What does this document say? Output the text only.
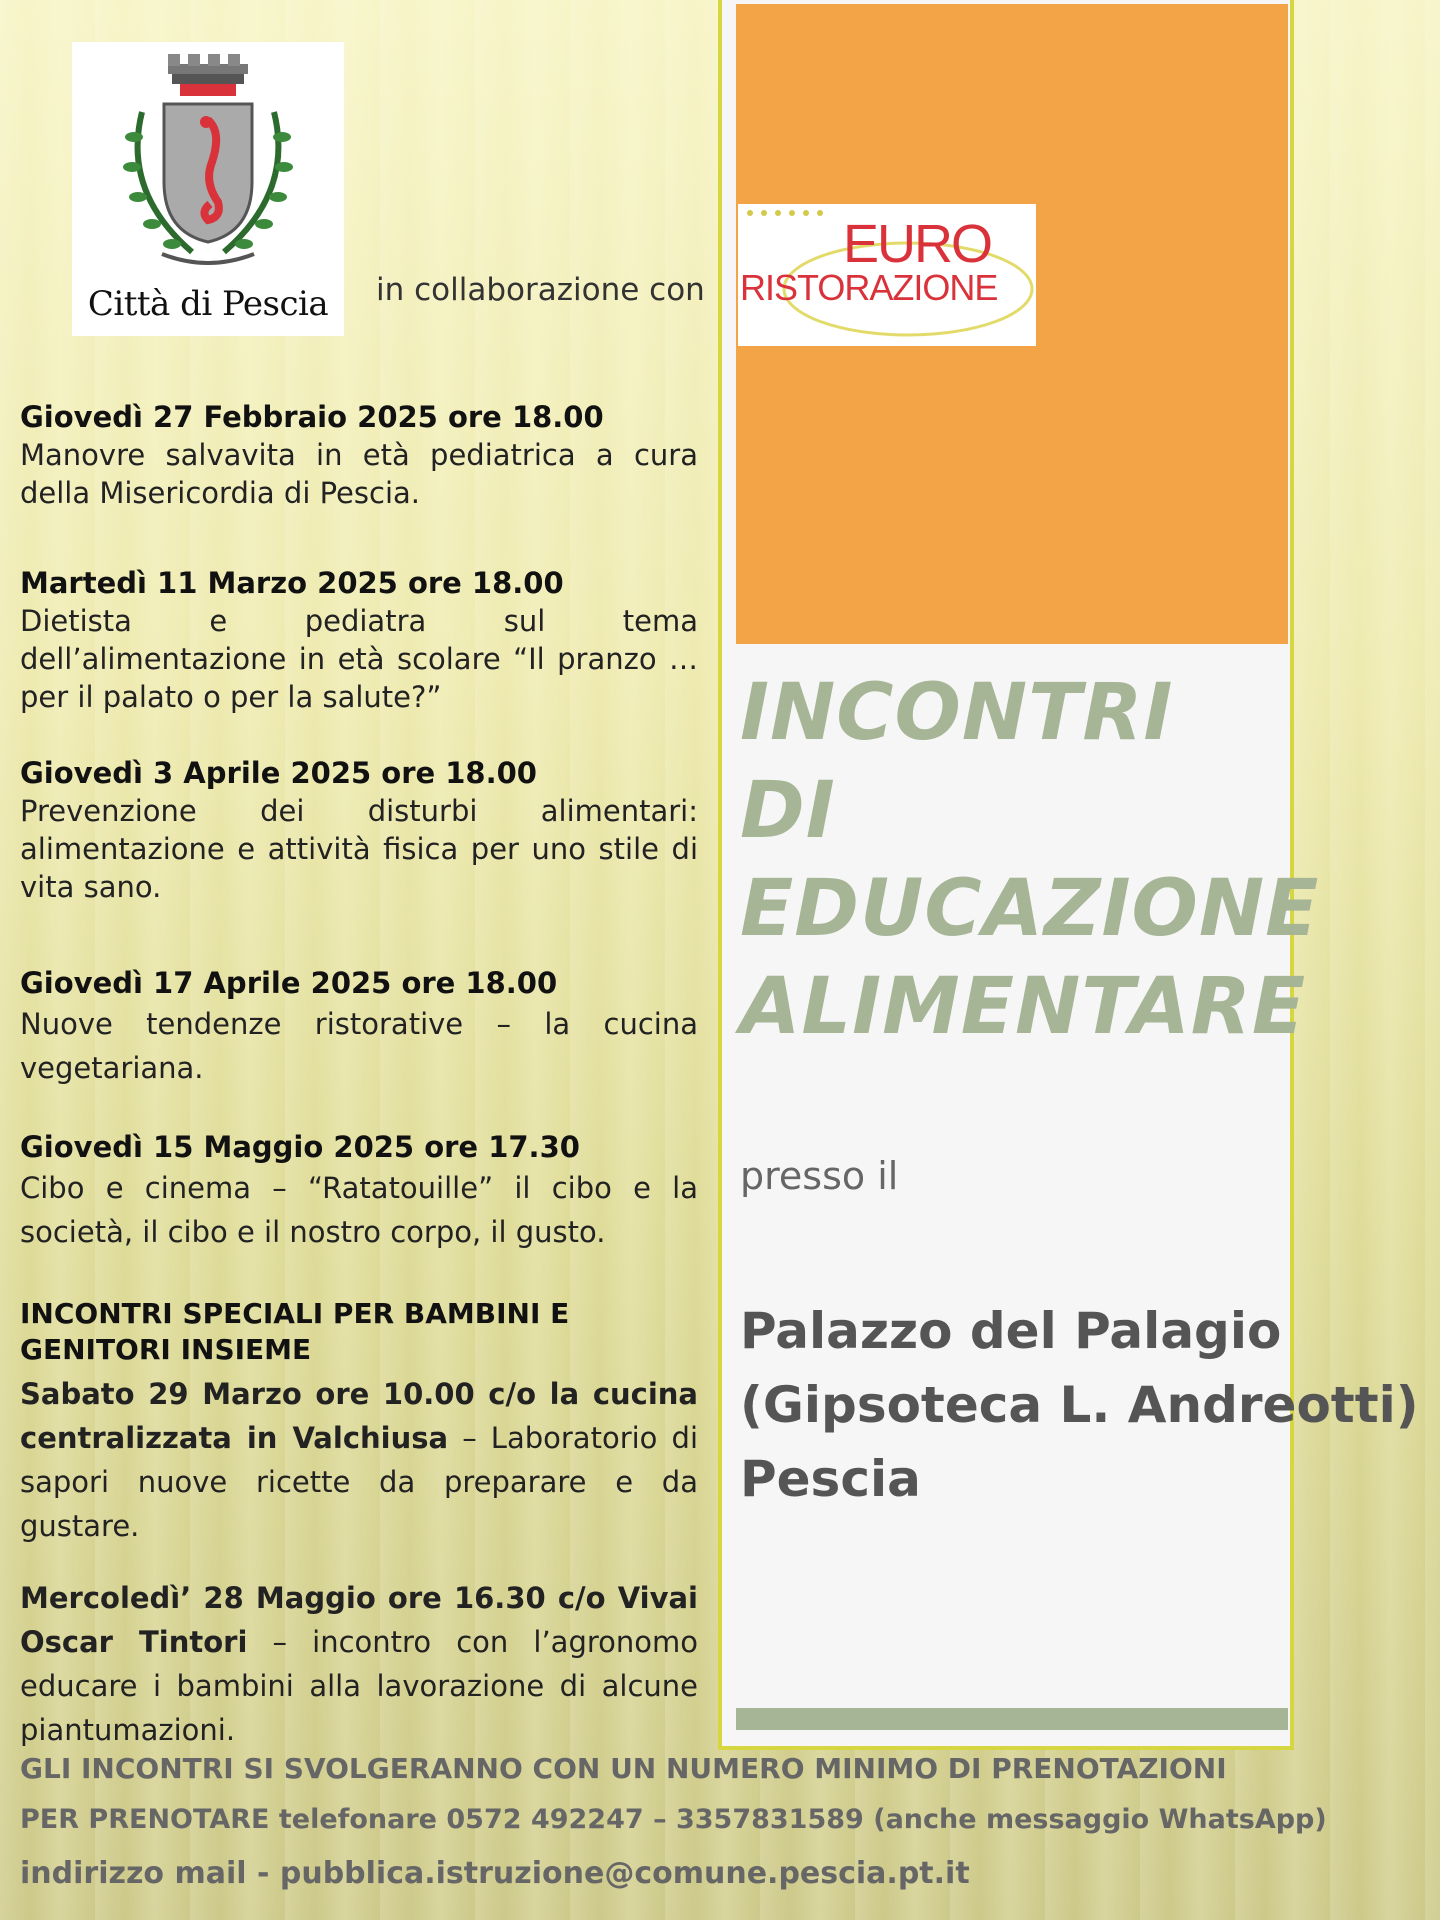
Città di Pescia	in collaborazione con
Giovedì 27 Febbraio 2025 ore 18.00
Manovre salvavita in età pediatrica a cura della Misericordia di Pescia.
Martedì 11 Marzo 2025 ore 18.00
Dietista e pediatra sul tema dell’alimentazione in età scolare “Il pranzo … per il palato o per la salute?”
Giovedì 3 Aprile 2025 ore 18.00
Prevenzione dei disturbi alimentari: alimentazione e attività fisica per uno stile di vita sano.
Giovedì 17 Aprile 2025 ore 18.00
Nuove tendenze ristorative – la cucina vegetariana.
Giovedì 15 Maggio 2025 ore 17.30
Cibo e cinema – “Ratatouille” il cibo e la società, il cibo e il nostro corpo, il gusto.
INCONTRI SPECIALI PER BAMBINI E GENITORI INSIEME
Sabato 29 Marzo ore 10.00 c/o la cucina centralizzata in Valchiusa – Laboratorio di sapori nuove ricette da preparare e da gustare.
Mercoledì’ 28 Maggio ore 16.30 c/o Vivai Oscar Tintori – incontro con l’agronomo educare i bambini alla lavorazione di alcune piantumazioni.
EURO
RISTORAZIONE
INCONTRI
DI
EDUCAZIONE
ALIMENTARE
presso il
Palazzo del Palagio
(Gipsoteca L. Andreotti)
Pescia
GLI INCONTRI SI SVOLGERANNO CON UN NUMERO MINIMO DI PRENOTAZIONI
PER PRENOTARE telefonare 0572 492247 – 3357831589 (anche messaggio WhatsApp)
indirizzo mail - pubblica.istruzione@comune.pescia.pt.it
